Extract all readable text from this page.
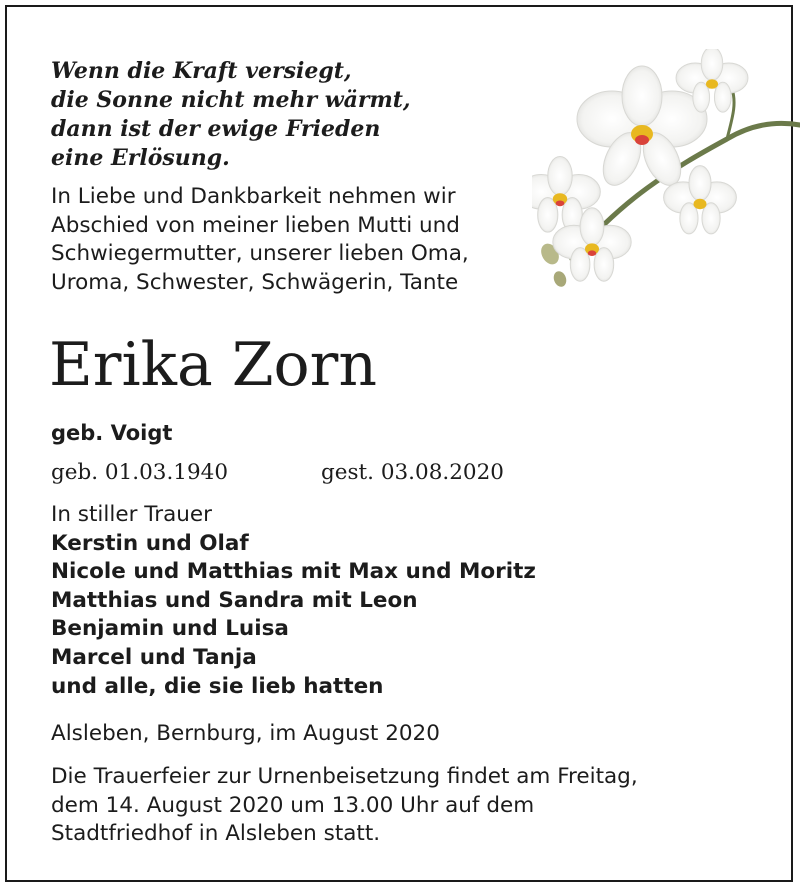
Wenn die Kraft versiegt,
die Sonne nicht mehr wärmt,
dann ist der ewige Frieden
eine Erlösung.
In Liebe und Dankbarkeit nehmen wir
Abschied von meiner lieben Mutti und
Schwiegermutter, unserer lieben Oma,
Uroma, Schwester, Schwägerin, Tante
Erika Zorn
geb. Voigt
geb. 01.03.1940	gest. 03.08.2020
In stiller Trauer
Kerstin und Olaf
Nicole und Matthias mit Max und Moritz
Matthias und Sandra mit Leon
Benjamin und Luisa
Marcel und Tanja
und alle, die sie lieb hatten
Alsleben, Bernburg, im August 2020
Die Trauerfeier zur Urnenbeisetzung findet am Freitag,
dem 14. August 2020 um 13.00 Uhr auf dem
Stadtfriedhof in Alsleben statt.
